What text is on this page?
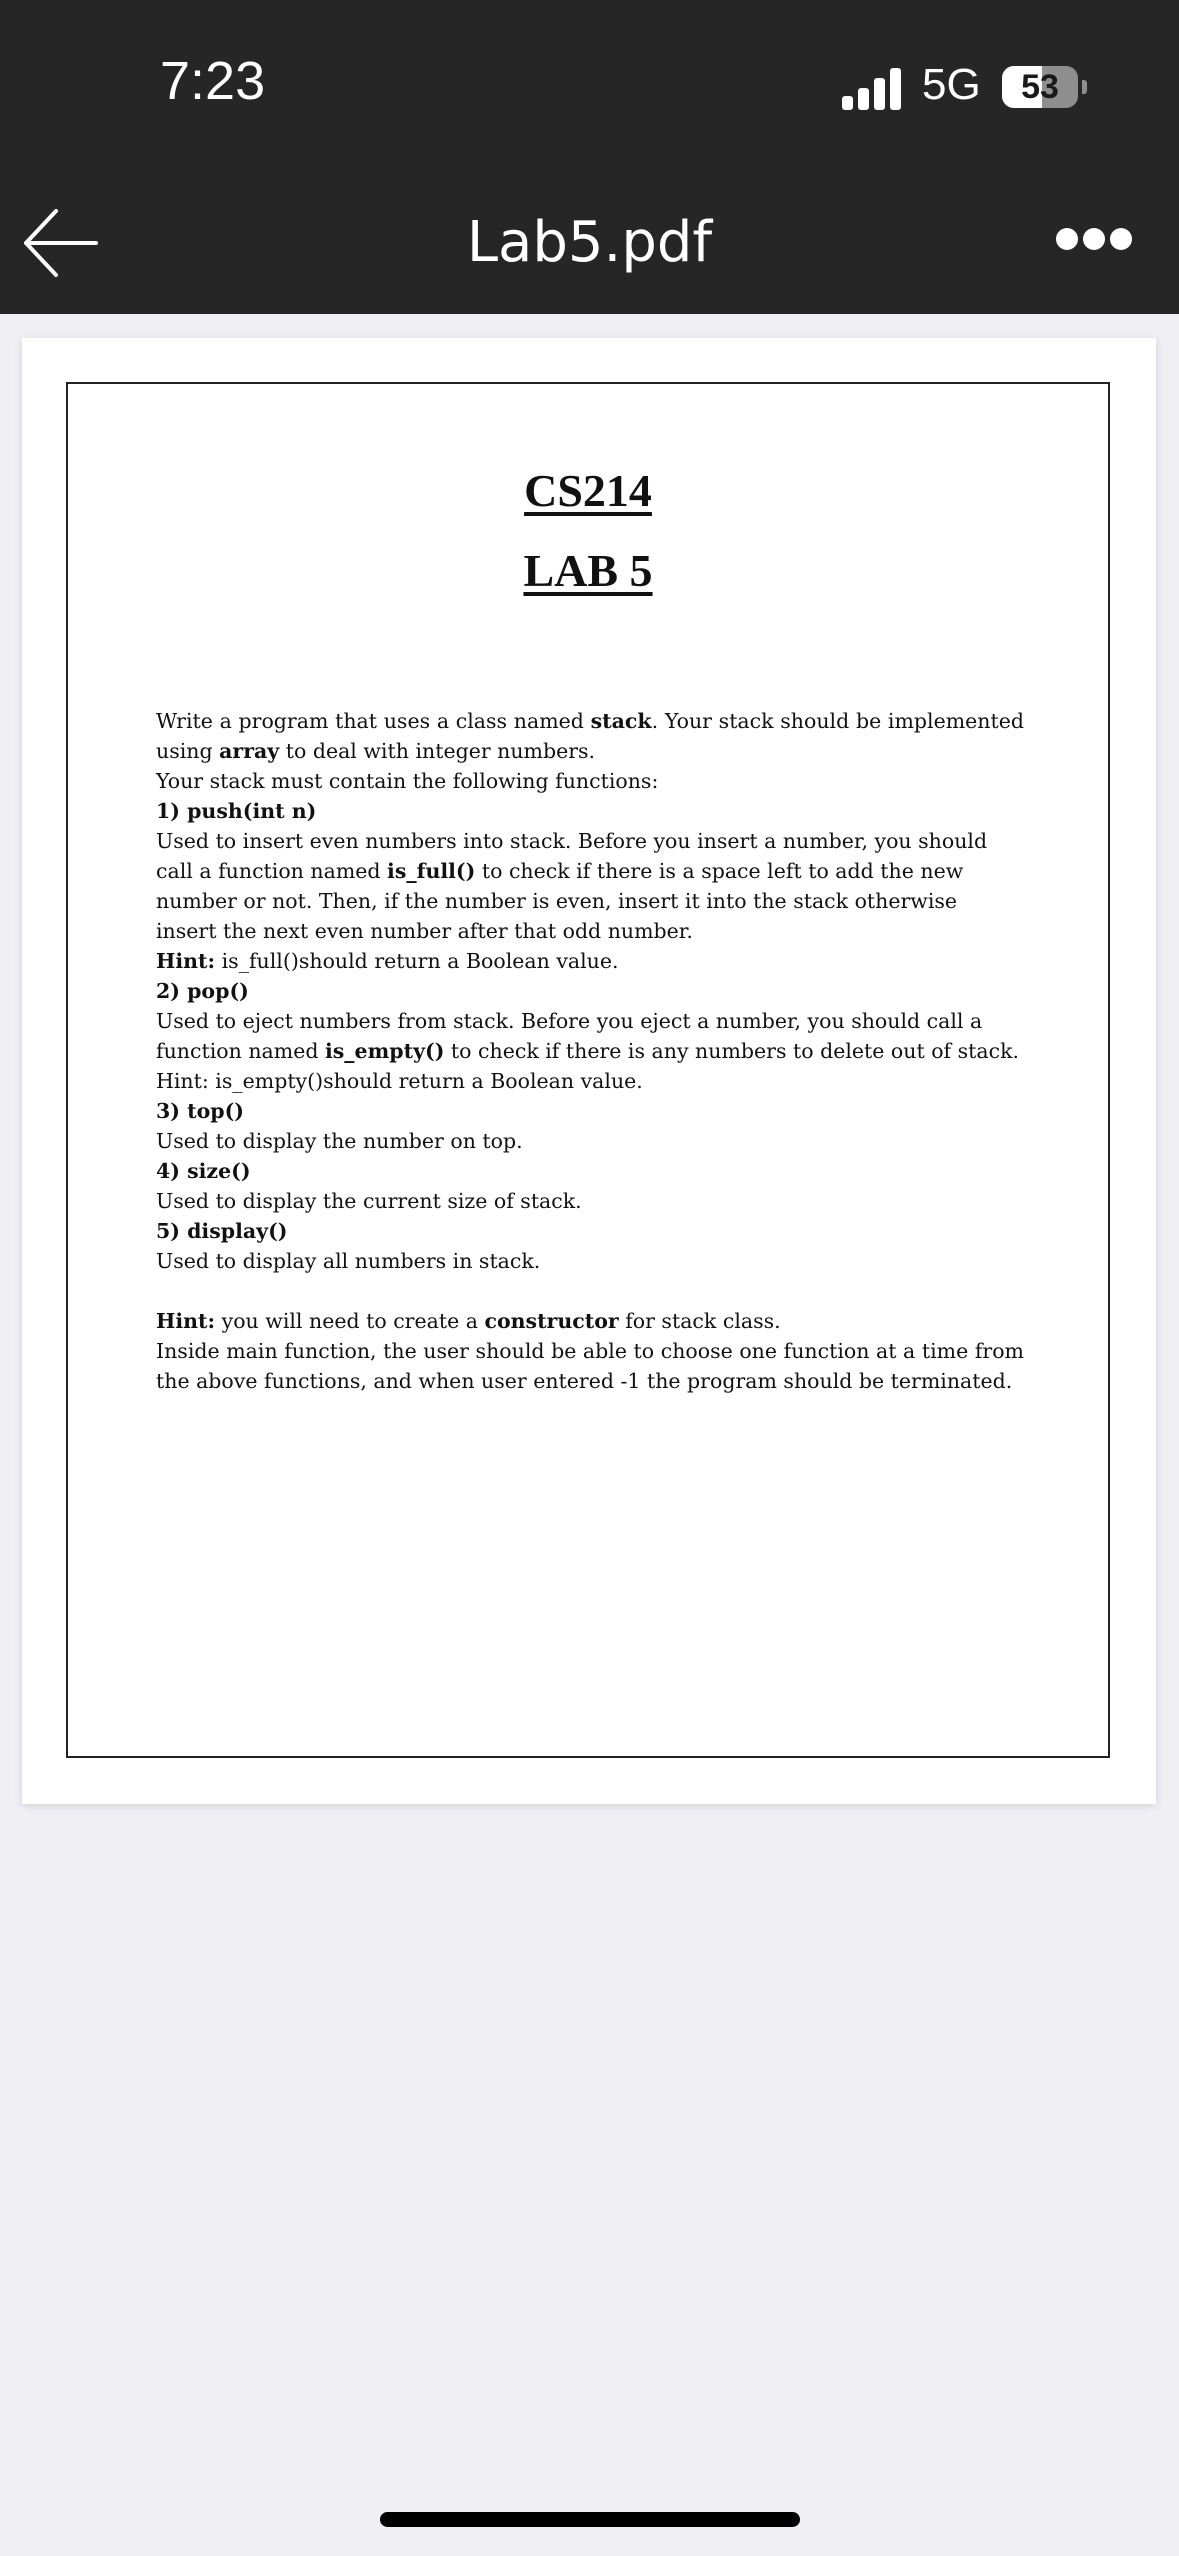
7:23	5G	53
Lab5.pdf
CS214
LAB 5

Write a program that uses a class named stack. Your stack should be implemented using array to deal with integer numbers.

Your stack must contain the following functions:

1) push(int n)

Used to insert even numbers into stack. Before you insert a number, you should call a function named is_full() to check if there is a space left to add the new number or not. Then, if the number is even, insert it into the stack otherwise insert the next even number after that odd number.

Hint: is_full()should return a Boolean value.

2) pop()

Used to eject numbers from stack. Before you eject a number, you should call a function named is_empty() to check if there is any numbers to delete out of stack.

Hint: is_empty()should return a Boolean value.

3) top()

Used to display the number on top.

4) size()

Used to display the current size of stack.

5) display()

Used to display all numbers in stack.

Hint: you will need to create a constructor for stack class.

Inside main function, the user should be able to choose one function at a time from the above functions, and when user entered -1 the program should be terminated.
